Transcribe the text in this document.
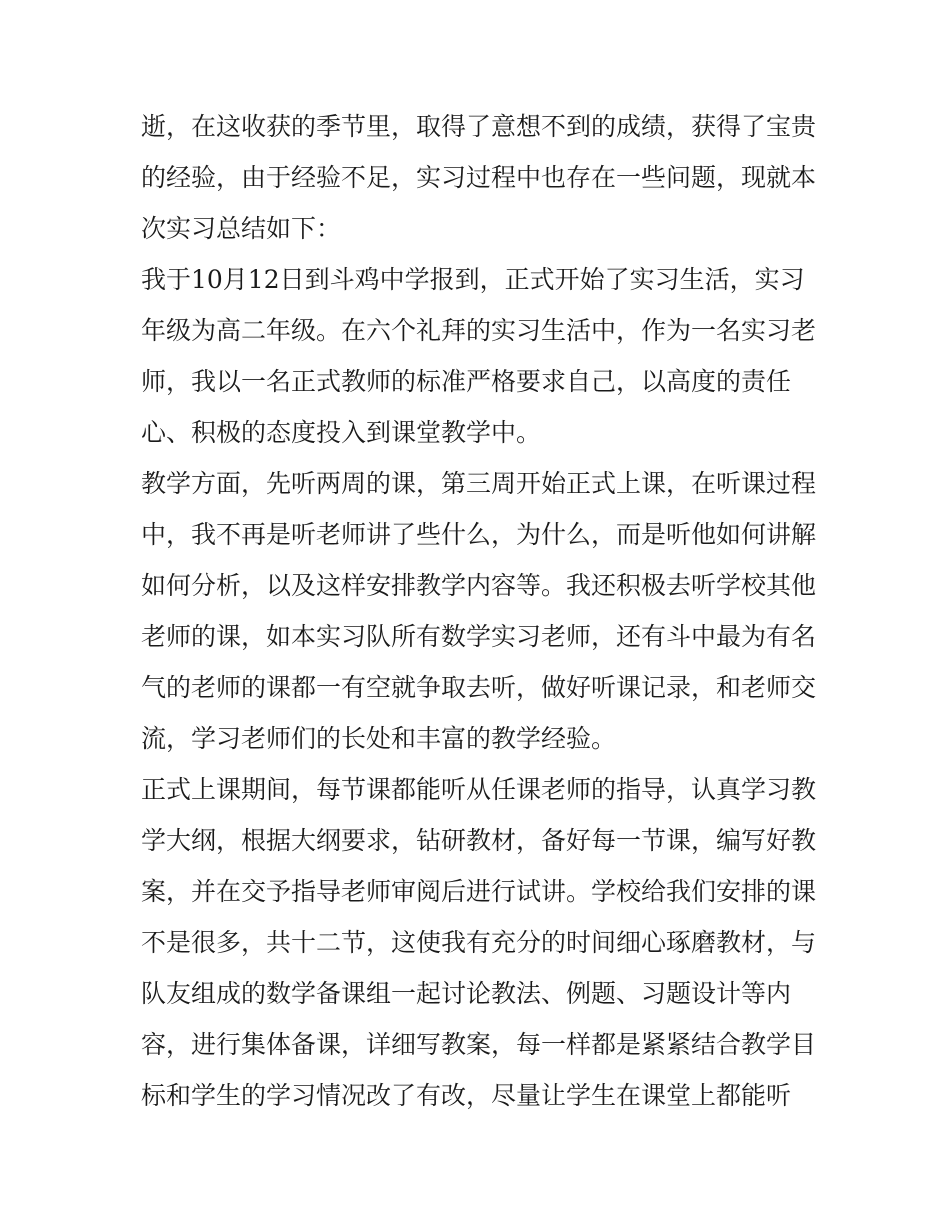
逝，在这收获的季节里，取得了意想不到的成绩，获得了宝贵
的经验，由于经验不足，实习过程中也存在一些问题，现就本
次实习总结如下：
我于10月12日到斗鸡中学报到，正式开始了实习生活，实习
年级为高二年级。在六个礼拜的实习生活中，作为一名实习老
师，我以一名正式教师的标准严格要求自己，以高度的责任
心、积极的态度投入到课堂教学中。
教学方面，先听两周的课，第三周开始正式上课，在听课过程
中，我不再是听老师讲了些什么，为什么，而是听他如何讲解
如何分析，以及这样安排教学内容等。我还积极去听学校其他
老师的课，如本实习队所有数学实习老师，还有斗中最为有名
气的老师的课都一有空就争取去听，做好听课记录，和老师交
流，学习老师们的长处和丰富的教学经验。
正式上课期间，每节课都能听从任课老师的指导，认真学习教
学大纲，根据大纲要求，钻研教材，备好每一节课，编写好教
案，并在交予指导老师审阅后进行试讲。学校给我们安排的课
不是很多，共十二节，这使我有充分的时间细心琢磨教材，与
队友组成的数学备课组一起讨论教法、例题、习题设计等内
容，进行集体备课，详细写教案，每一样都是紧紧结合教学目
标和学生的学习情况改了有改，尽量让学生在课堂上都能听
